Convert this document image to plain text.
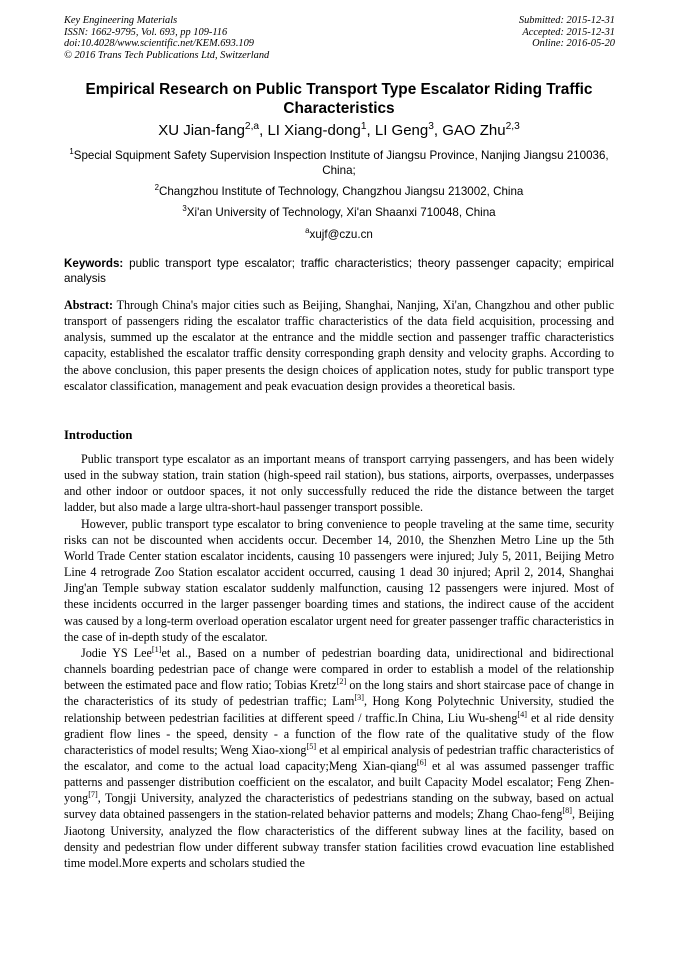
Key Engineering Materials
ISSN: 1662-9795, Vol. 693, pp 109-116
doi:10.4028/www.scientific.net/KEM.693.109
© 2016 Trans Tech Publications Ltd, Switzerland
Submitted: 2015-12-31
Accepted: 2015-12-31
Online: 2016-05-20
Empirical Research on Public Transport Type Escalator Riding Traffic Characteristics
XU Jian-fang$^{2,a}$, LI Xiang-dong$^1$, LI Geng$^3$, GAO Zhu$^{2,3}$
$^1$Special Squipment Safety Supervision Inspection Institute of Jiangsu Province, Nanjing Jiangsu 210036, China;
$^2$Changzhou Institute of Technology, Changzhou Jiangsu 213002, China
$^3$Xi'an University of Technology, Xi'an Shaanxi 710048, China
$^a$xujf@czu.cn
Keywords: public transport type escalator; traffic characteristics; theory passenger capacity; empirical analysis
Abstract: Through China's major cities such as Beijing, Shanghai, Nanjing, Xi'an, Changzhou and other public transport of passengers riding the escalator traffic characteristics of the data field acquisition, processing and analysis, summed up the escalator at the entrance and the middle section and passenger traffic characteristics capacity, established the escalator traffic density corresponding graph density and velocity graphs. According to the above conclusion, this paper presents the design choices of application notes, study for public transport type escalator classification, management and peak evacuation design provides a theoretical basis.
Introduction

Public transport type escalator as an important means of transport carrying passengers, and has been widely used in the subway station, train station (high-speed rail station), bus stations, airports, overpasses, underpasses and other indoor or outdoor spaces, it not only successfully reduced the ride the distance between the target ladder, but also made a large ultra-short-haul passenger transport possible.

However, public transport type escalator to bring convenience to people traveling at the same time, security risks can not be discounted when accidents occur. December 14, 2010, the Shenzhen Metro Line up the 5th World Trade Center station escalator incidents, causing 10 passengers were injured; July 5, 2011, Beijing Metro Line 4 retrograde Zoo Station escalator accident occurred, causing 1 dead 30 injured; April 2, 2014, Shanghai Jing'an Temple subway station escalator suddenly malfunction, causing 12 passengers were injured. Most of these incidents occurred in the larger passenger boarding times and stations, the indirect cause of the accident was caused by a long-term overload operation escalator urgent need for greater passenger traffic characteristics in the case of in-depth study of the escalator.

Jodie YS Lee[1]et al., Based on a number of pedestrian boarding data, unidirectional and bidirectional channels boarding pedestrian pace of change were compared in order to establish a model of the relationship between the estimated pace and flow ratio; Tobias Kretz[2] on the long stairs and short staircase pace of change in the characteristics of its study of pedestrian traffic; Lam[3], Hong Kong Polytechnic University, studied the relationship between pedestrian facilities at different speed / traffic.In China, Liu Wu-sheng[4] et al ride density gradient flow lines - the speed, density - a function of the flow rate of the qualitative study of the flow characteristics of model results; Weng Xiao-xiong[5] et al empirical analysis of pedestrian traffic characteristics of the escalator, and come to the actual load capacity;Meng Xian-qiang[6] et al was assumed passenger traffic patterns and passenger distribution coefficient on the escalator, and built Capacity Model escalator; Feng Zhen-yong[7], Tongji University, analyzed the characteristics of pedestrians standing on the subway, based on actual survey data obtained passengers in the station-related behavior patterns and models; Zhang Chao-feng[8], Beijing Jiaotong University, analyzed the flow characteristics of the different subway lines at the facility, based on density and pedestrian flow under different subway transfer station facilities crowd evacuation line established time model.More experts and scholars studied the
